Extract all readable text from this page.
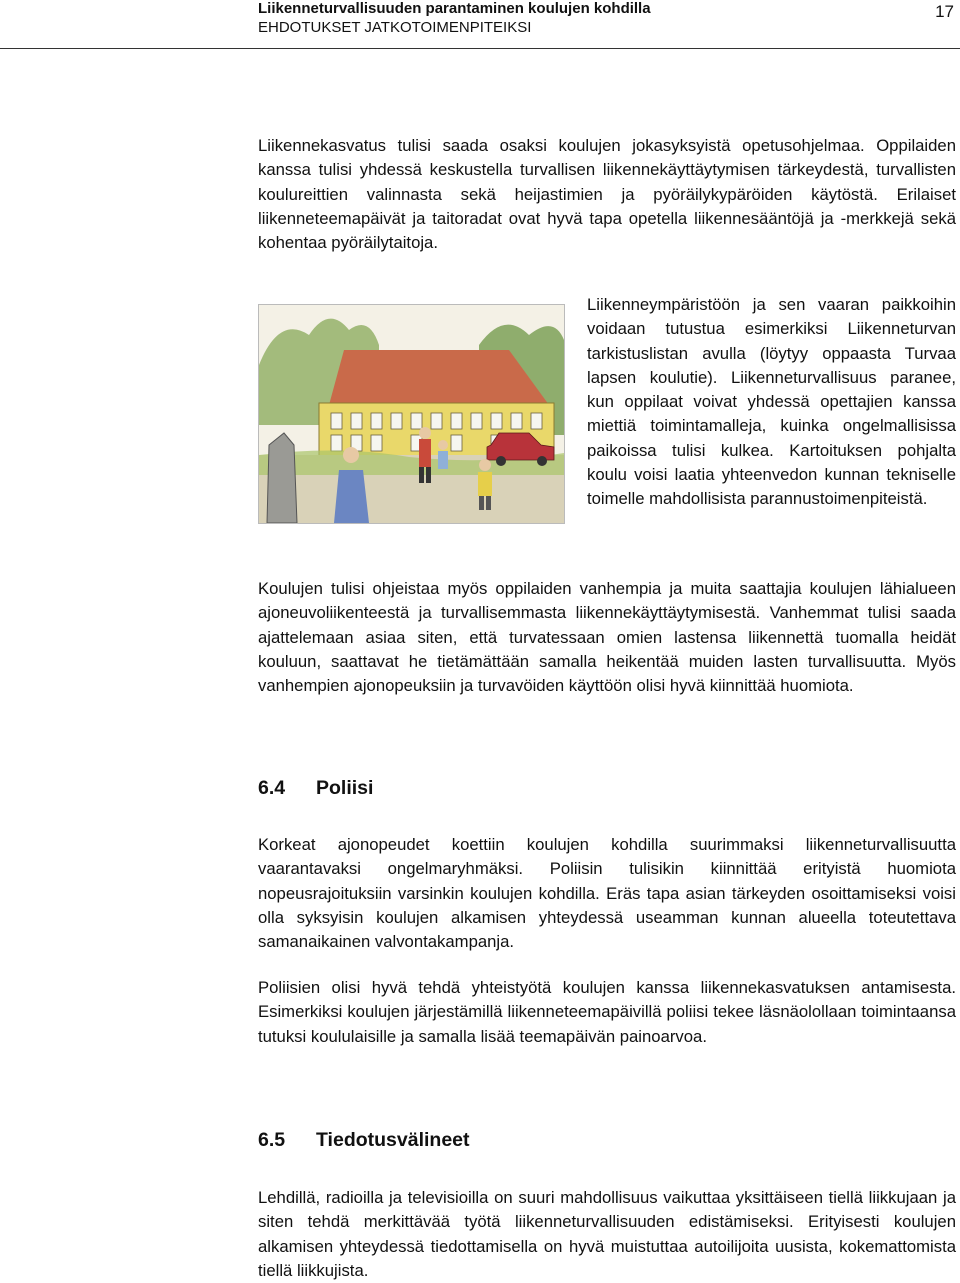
Liikenneturvallisuuden parantaminen koulujen kohdilla
EHDOTUKSET JATKOTOIMENPITEIKSI
17

Liikennekasvatus tulisi saada osaksi koulujen jokasyksyistä opetusohjelmaa. Oppilaiden kanssa tulisi yhdessä keskustella turvallisen liikennekäyttäytymisen tärkeydestä, turvallisten koulureittien valinnasta sekä heijastimien ja pyöräilykypäröiden käytöstä. Erilaiset liikenneteemapäivät ja taitoradat ovat hyvä tapa opetella liikennesääntöjä ja -merkkejä sekä kohentaa pyöräilytaitoja.

Liikenneympäristöön ja sen vaaran paikkoihin voidaan tutustua esimerkiksi Liikenneturvan tarkistuslistan avulla (löytyy oppaasta Turvaa lapsen koulutie). Liikenneturvallisuus paranee, kun oppilaat voivat yhdessä opettajien kanssa miettiä toimintamalleja, kuinka ongelmallisissa paikoissa tulisi kulkea. Kartoituksen pohjalta koulu voisi laatia yhteenvedon kunnan tekniselle toimelle mahdollisista parannustoimenpiteistä.

Koulujen tulisi ohjeistaa myös oppilaiden vanhempia ja muita saattajia koulujen lähialueen ajoneuvoliikenteestä ja turvallisemmasta liikennekäyttäytymisestä. Vanhemmat tulisi saada ajattelemaan asiaa siten, että turvatessaan omien lastensa liikennettä tuomalla heidät kouluun, saattavat he tietämättään samalla heikentää muiden lasten turvallisuutta. Myös vanhempien ajonopeuksiin ja turvavöiden käyttöön olisi hyvä kiinnittää huomiota.

6.4 Poliisi

Korkeat ajonopeudet koettiin koulujen kohdilla suurimmaksi liikenneturvallisuutta vaarantavaksi ongelmaryhmäksi. Poliisin tulisikin kiinnittää erityistä huomiota nopeusrajoituksiin varsinkin koulujen kohdilla. Eräs tapa asian tärkeyden osoittamiseksi voisi olla syksyisin koulujen alkamisen yhteydessä useamman kunnan alueella toteutettava samanaikainen valvontakampanja.

Poliisien olisi hyvä tehdä yhteistyötä koulujen kanssa liikennekasvatuksen antamisesta. Esimerkiksi koulujen järjestämillä liikenneteemapäivillä poliisi tekee läsnäolollaan toimintaansa tutuksi koululaisille ja samalla lisää teemapäivän painoarvoa.

6.5 Tiedotusvälineet

Lehdillä, radioilla ja televisioilla on suuri mahdollisuus vaikuttaa yksittäiseen tiellä liikkujaan ja siten tehdä merkittävää työtä liikenneturvallisuuden edistämiseksi. Erityisesti koulujen alkamisen yhteydessä tiedottamisella on hyvä muistuttaa autoilijoita uusista, kokemattomista tiellä liikkujista.
